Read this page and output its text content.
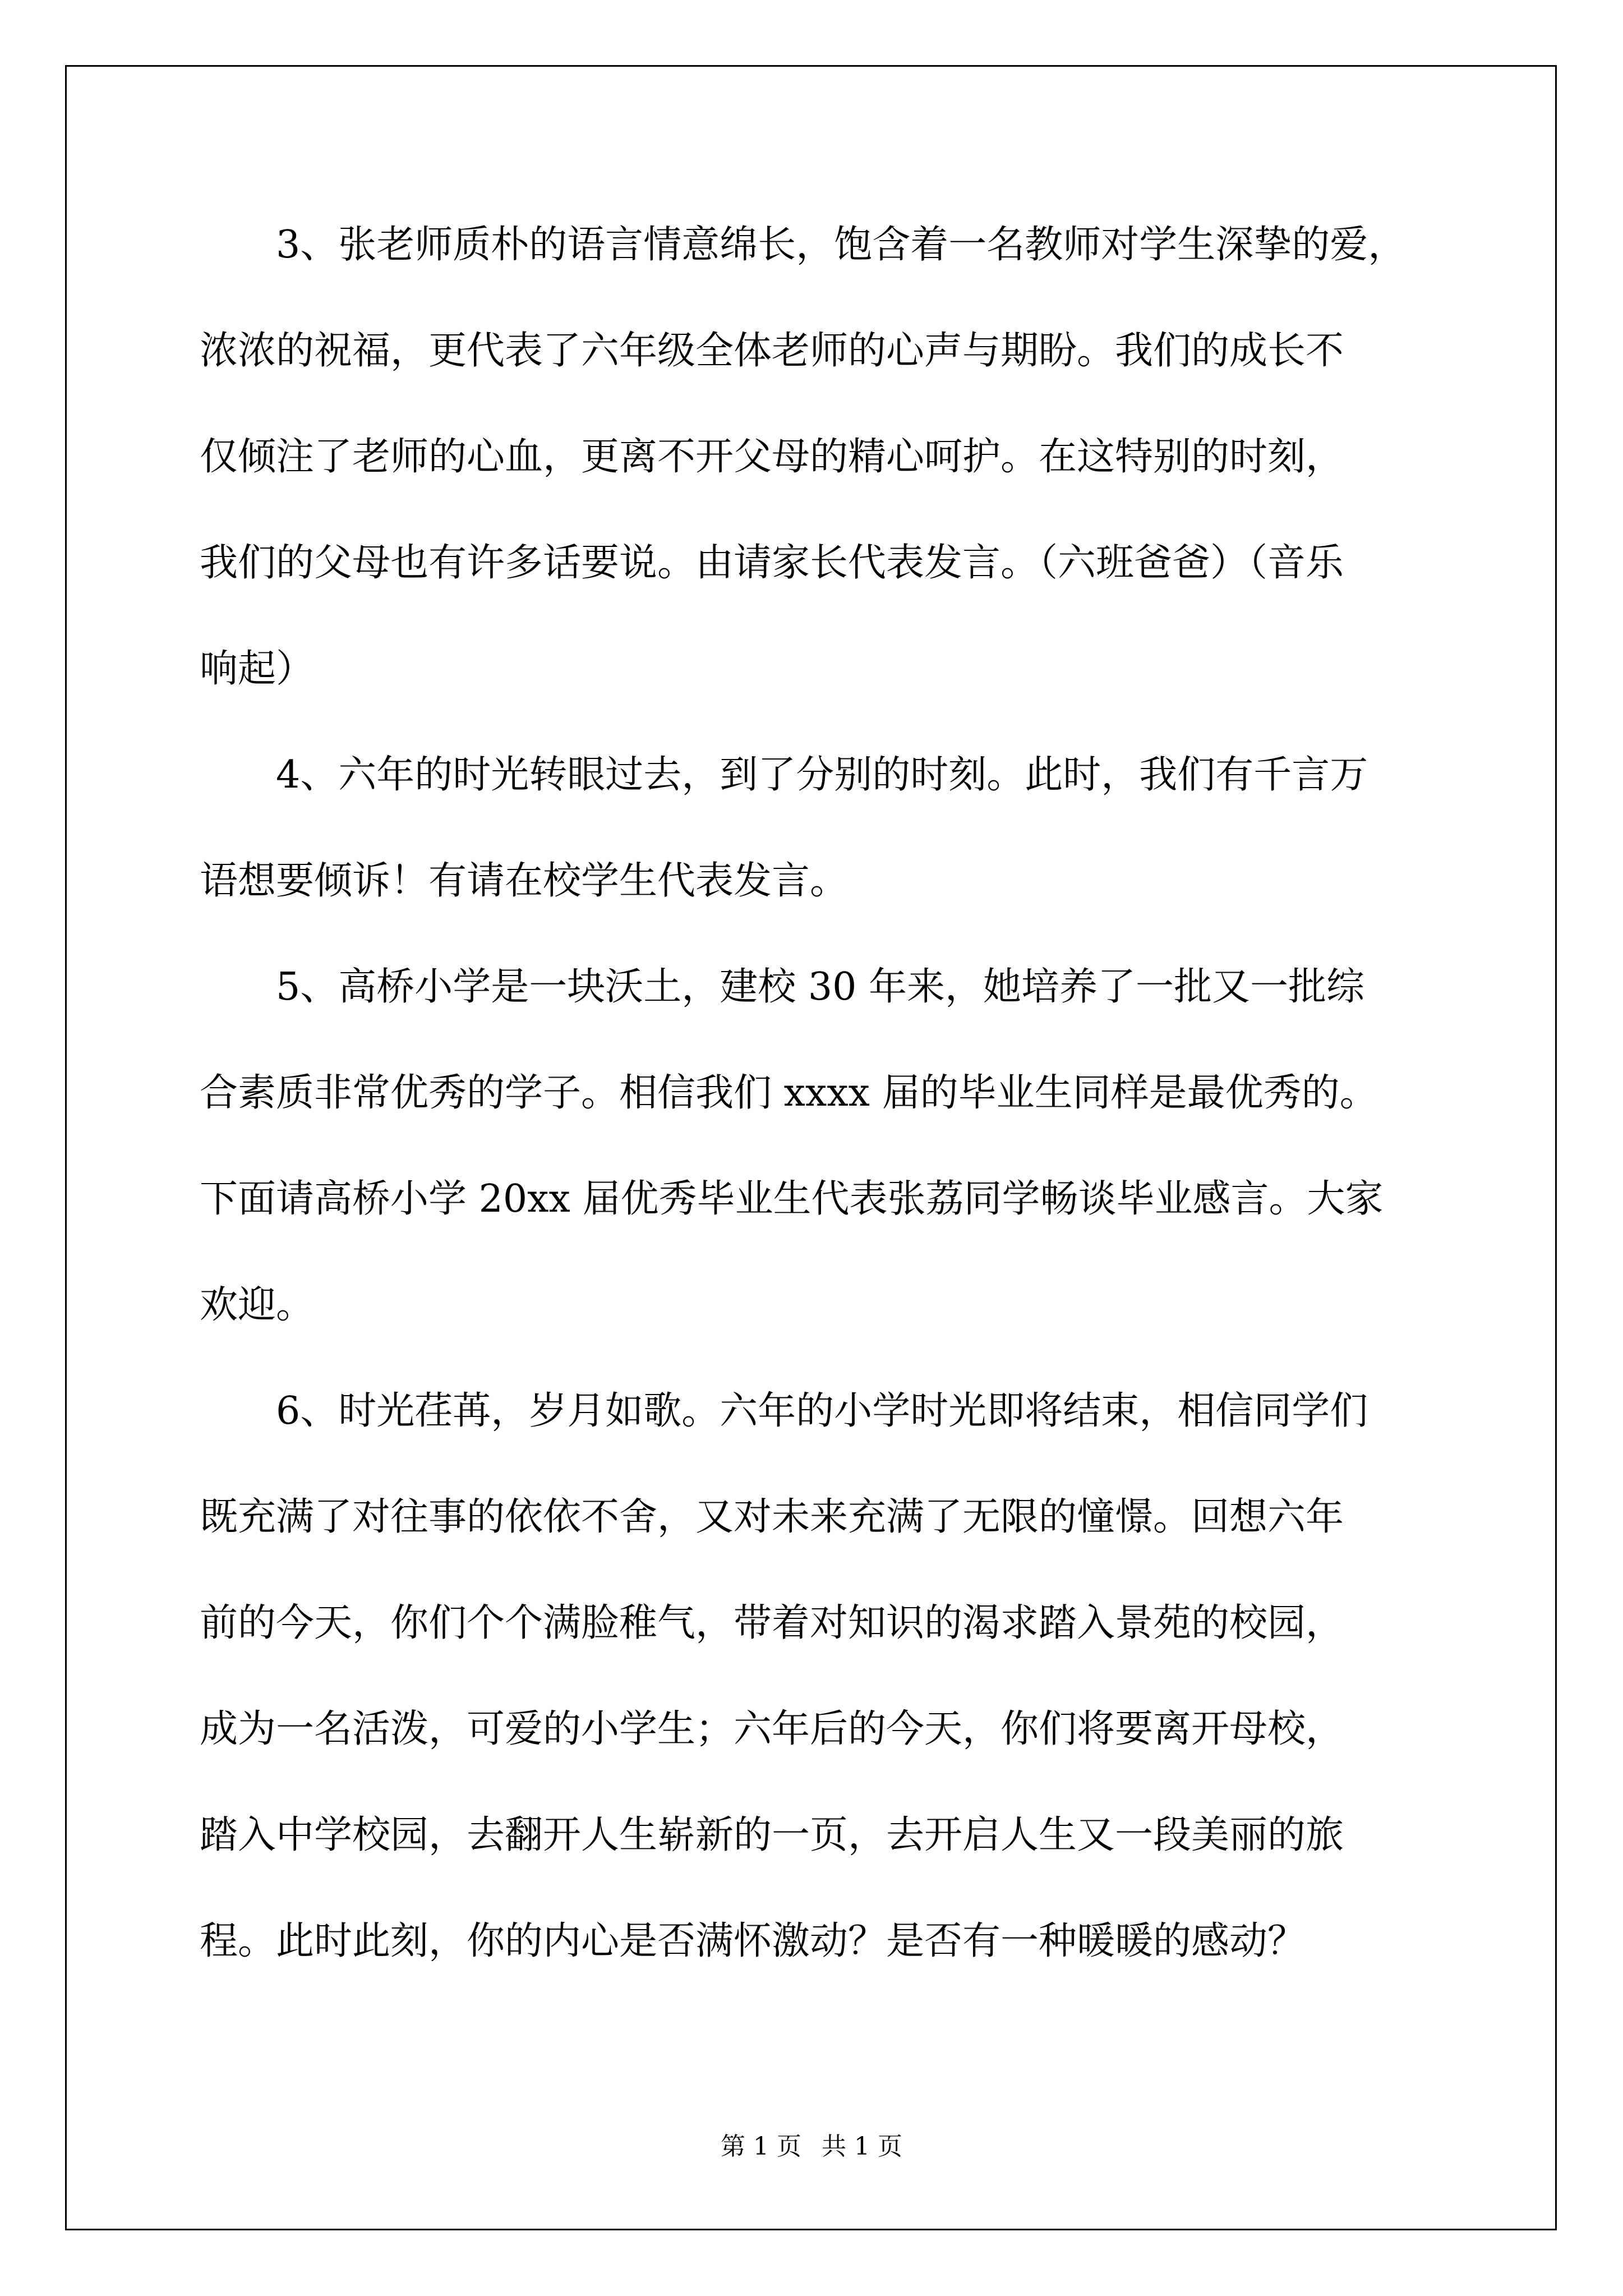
3、张老师质朴的语言情意绵长，饱含着一名教师对学生深挚的爱，
浓浓的祝福，更代表了六年级全体老师的心声与期盼。我们的成长不
仅倾注了老师的心血，更离不开父母的精心呵护。在这特别的时刻，
我们的父母也有许多话要说。由请家长代表发言。（六班爸爸）（音乐
响起）
4、六年的时光转眼过去，到了分别的时刻。此时，我们有千言万
语想要倾诉！有请在校学生代表发言。
5、高桥小学是一块沃土，建校 30 年来，她培养了一批又一批综
合素质非常优秀的学子。相信我们 xxxx 届的毕业生同样是最优秀的。
下面请高桥小学 20xx 届优秀毕业生代表张荔同学畅谈毕业感言。大家
欢迎。
6、时光荏苒，岁月如歌。六年的小学时光即将结束，相信同学们
既充满了对往事的依依不舍，又对未来充满了无限的憧憬。回想六年
前的今天，你们个个满脸稚气，带着对知识的渴求踏入景苑的校园，
成为一名活泼，可爱的小学生；六年后的今天，你们将要离开母校，
踏入中学校园，去翻开人生崭新的一页，去开启人生又一段美丽的旅
程。此时此刻，你的内心是否满怀激动？是否有一种暖暖的感动？
第 1 页 共 1 页
